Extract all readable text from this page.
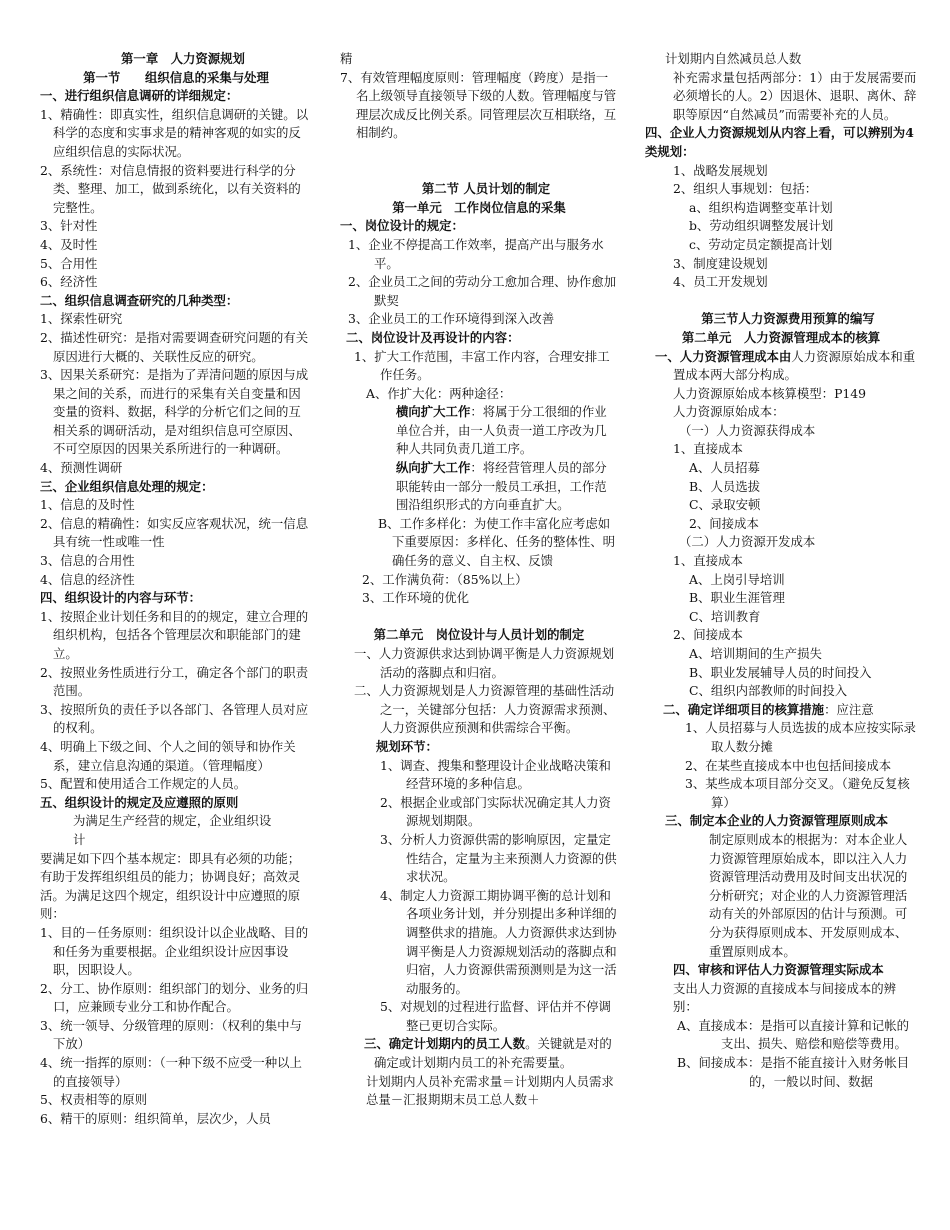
第一章　人力资源规划

第一节　　组织信息的采集与处理

一、进行组织信息调研的详细规定：

1、精确性：即真实性，组织信息调研的关键。以科学的态度和实事求是的精神客观的如实的反应组织信息的实际状况。

2、系统性：对信息情报的资料要进行科学的分类、整理、加工，做到系统化，以有关资料的完整性。

3、针对性

4、及时性

5、合用性

6、经济性

二、组织信息调查研究的几种类型：

1、探索性研究

2、描述性研究：是指对需要调查研究问题的有关原因进行大概的、关联性反应的研究。

3、因果关系研究：是指为了弄清问题的原因与成果之间的关系，而进行的采集有关自变量和因变量的资料、数据，科学的分析它们之间的互相关系的调研活动，是对组织信息可空原因、不可空原因的因果关系所进行的一种调研。

4、预测性调研

三、企业组织信息处理的规定：

1、信息的及时性

2、信息的精确性：如实反应客观状况，统一信息具有统一性或唯一性

3、信息的合用性

4、信息的经济性

四、组织设计的内容与环节：

1、按照企业计划任务和目的的规定，建立合理的组织机构，包括各个管理层次和职能部门的建立。

2、按照业务性质进行分工，确定各个部门的职责范围。

3、按照所负的责任予以各部门、各管理人员对应的权利。

4、明确上下级之间、个人之间的领导和协作关系，建立信息沟通的渠道。（管理幅度）

5、配置和使用适合工作规定的人员。

五、组织设计的规定及应遵照的原则

为满足生产经营的规定，企业组织设计

要满足如下四个基本规定：即具有必须的功能；有助于发挥组织组员的能力；协调良好；高效灵活。为满足这四个规定，组织设计中应遵照的原则：

1、目的－任务原则：组织设计以企业战略、目的和任务为重要根据。企业组织设计应因事设职，因职设人。

2、分工、协作原则：组织部门的划分、业务的归口，应兼顾专业分工和协作配合。

3、统一领导、分级管理的原则：（权利的集中与下放）

4、统一指挥的原则：（一种下级不应受一种以上的直接领导）

5、权责相等的原则

6、精干的原则：组织简单，层次少，人员

精

7、有效管理幅度原则：管理幅度（跨度）是指一名上级领导直接领导下级的人数。管理幅度与管理层次成反比例关系。同管理层次互相联络，互相制约。

第二节 人员计划的制定

第一单元　工作岗位信息的采集

一、岗位设计的规定：

1、企业不停提高工作效率，提高产出与服务水平。

2、企业员工之间的劳动分工愈加合理、协作愈加默契

3、企业员工的工作环境得到深入改善

二、岗位设计及再设计的内容：

1、扩大工作范围，丰富工作内容，合理安排工作任务。

A、作扩大化：两种途径：

横向扩大工作：将属于分工很细的作业单位合并，由一人负责一道工序改为几种人共同负责几道工序。

纵向扩大工作：将经营管理人员的部分职能转由一部分一般员工承担，工作范围沿组织形式的方向垂直扩大。

B、工作多样化：为使工作丰富化应考虑如下重要原因：多样化、任务的整体性、明确任务的意义、自主权、反馈

2、工作满负荷：（85%以上）

3、工作环境的优化

第二单元　岗位设计与人员计划的制定

一、人力资源供求达到协调平衡是人力资源规划活动的落脚点和归宿。

二、人力资源规划是人力资源管理的基础性活动之一，关键部分包括：人力资源需求预测、人力资源供应预测和供需综合平衡。

规划环节：

1、调查、搜集和整理设计企业战略决策和经营环境的多种信息。

2、根据企业或部门实际状况确定其人力资源规划期限。

3、分析人力资源供需的影响原因，定量定性结合，定量为主来预测人力资源的供求状况。

4、制定人力资源工期协调平衡的总计划和各项业务计划，并分别提出多种详细的调整供求的措施。人力资源供求达到协调平衡是人力资源规划活动的落脚点和归宿，人力资源供需预测则是为这一活动服务的。

5、对规划的过程进行监督、评估并不停调整已更切合实际。

三、确定计划期内的员工人数。关键就是对的确定或计划期内员工的补充需要量。

计划期内人员补充需求量＝计划期内人员需求总量－汇报期期末员工总人数＋

计划期内自然减员总人数

补充需求量包括两部分：1）由于发展需要而必须增长的人。2）因退休、退职、离休、辞职等原因“自然减员”而需要补充的人员。

四、企业人力资源规划从内容上看，可以辨别为4类规划：

1、战略发展规划

2、组织人事规划：包括：

a、组织构造调整变革计划

b、劳动组织调整发展计划

c、劳动定员定额提高计划

3、制度建设规划

4、员工开发规划

第三节人力资源费用预算的编写

第二单元　人力资源管理成本的核算

一、人力资源管理成本由人力资源原始成本和重置成本两大部分构成。

人力资源原始成本核算模型：P149

人力资源原始成本：

（一）人力资源获得成本

1、直接成本

A、人员招募

B、人员选拔

C、录取安顿

2、间接成本

（二）人力资源开发成本

1、直接成本

A、上岗引导培训

B、职业生涯管理

C、培训教育

2、间接成本

A、培训期间的生产损失

B、职业发展辅导人员的时间投入

C、组织内部教师的时间投入

二、确定详细项目的核算措施：应注意

1、人员招募与人员选拔的成本应按实际录取人数分摊

2、在某些直接成本中也包括间接成本

3、某些成本项目部分交叉。（避免反复核算）

三、制定本企业的人力资源管理原则成本

制定原则成本的根据为：对本企业人力资源管理原始成本，即以注入人力资源管理活动费用及时间支出状况的分析研究；对企业的人力资源管理活动有关的外部原因的估计与预测。可分为获得原则成本、开发原则成本、重置原则成本。

四、审核和评估人力资源管理实际成本

支出人力资源的直接成本与间接成本的辨别：

A、直接成本：是指可以直接计算和记帐的支出、损失、赔偿和赔偿等费用。

B、间接成本：是指不能直接计入财务帐目的，一般以时间、数据
